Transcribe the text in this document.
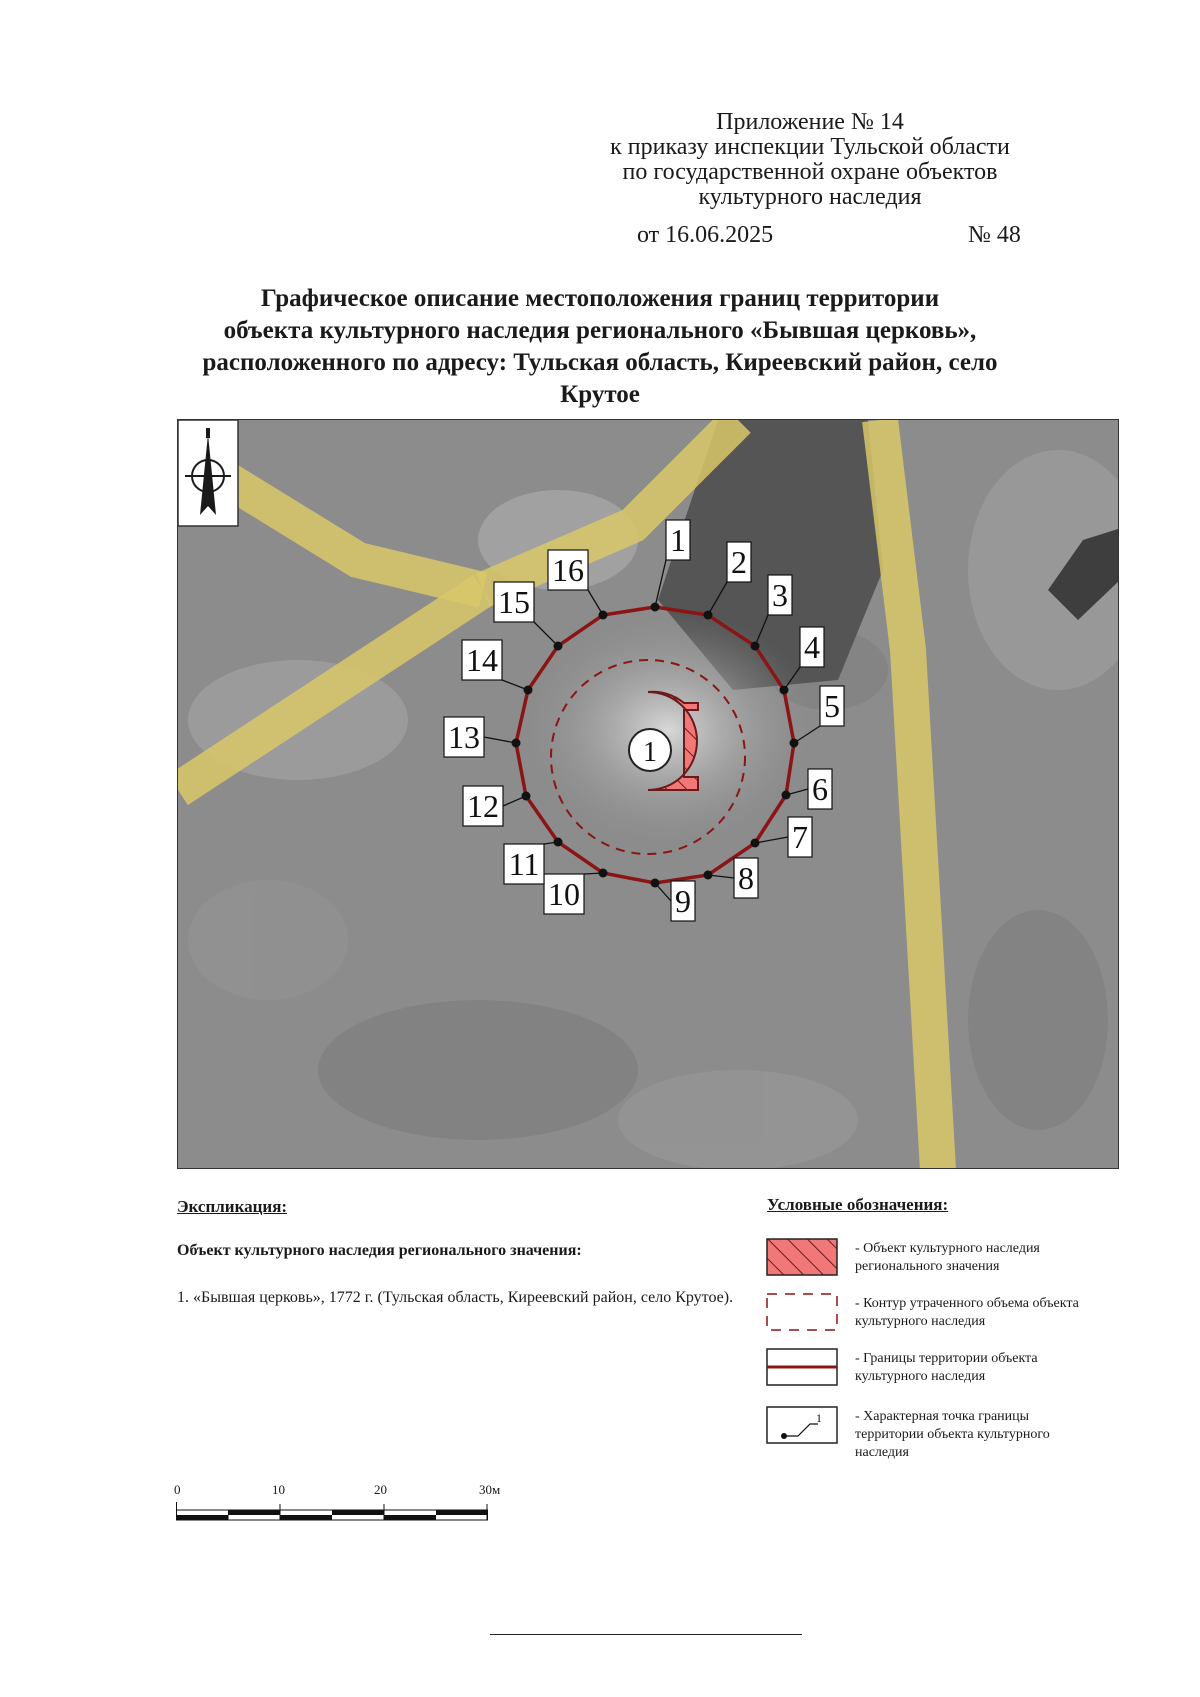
Приложение № 14
к приказу инспекции Тульской области
по государственной охране объектов
культурного наследия
от 16.06.2025	№ 48
Графическое описание местоположения границ территории
объекта культурного наследия регионального «Бывшая церковь»,
расположенного по адресу: Тульская область, Киреевский район, село
Крутое
1
1
2
3
4
5
6
7
8
9
10
11
12
13
14
15
16
Экспликация:
Объект культурного наследия регионального значения:
1. «Бывшая церковь», 1772 г. (Тульская область, Киреевский район, село Крутое).
Условные обозначения:
- Объект культурного наследия регионального значения
- Контур утраченного объема объекта культурного наследия
- Границы территории объекта культурного наследия
1 - Характерная точка границы территории объекта культурного наследия
0	10	20	30м
